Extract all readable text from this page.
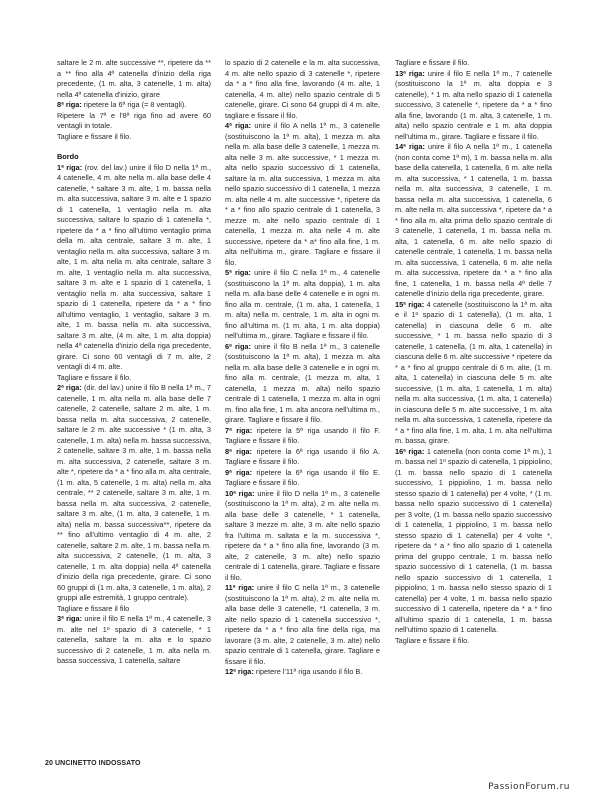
saltare le 2 m. alte successive **, ripetere da ** a ** fino alla 4ª catenella d'inizio della riga precedente, (1 m. alta, 3 catenelle, 1 m. alta) nella 4ª catenella d'inizio, girare

8ª riga: ripetere la 6ª riga (= 8 ventagli).

Ripetere la 7ª e l'8ª riga fino ad avere 60 ventagli in totale.

Tagliare e fissare il filo.

Bordo

1ª riga: (rov. del lav.) unire il filo D nella 1ª m., 4 catenelle, 4 m. alte nella m. alla base delle 4 catenelle, * saltare 3 m. alte, 1 m. bassa nella m. alta successiva, saltare 3 m. alte e 1 spazio di 1 catenella, 1 ventaglio nella m. alta successiva, saltare lo spazio di 1 catenella *, ripetere da * a * fino all'ultimo ventaglio prima della m. alta centrale, saltare 3 m. alte, 1 ventaglio nella m. alta successiva, saltare 3 m. alte, 1 m. alta nella m. alta centrale, saltare 3 m. alte, 1 ventaglio nella m. alta successiva, saltare 3 m. alte e 1 spazio di 1 catenella, 1 ventaglio nella m. alta successiva, saltare 1 spazio di 1 catenella, ripetere da * a * fino all'ultimo ventaglio, 1 ventaglio, saltare 3 m. alte, 1 m. bassa nella m. alta successiva, saltare 3 m. alte, (4 m. alte, 1 m. alta doppia) nella 4ª catenella d'inizio della riga precedente, girare. Ci sono 60 ventagli di 7 m. alte, 2 ventagli di 4 m. alte.

Tagliare e fissare il filo.

2ª riga: (dir. del lav.) unire il filo B nella 1ª m., 7 catenelle, 1 m. alta nella m. alla base delle 7 catenelle, 2 catenelle, saltare 2 m. alte, 1 m. bassa nella m. alta successiva, 2 catenelle, saltare le 2 m. alte successive * (1 m. alta, 3 catenelle, 1 m. alta) nella m. bassa successiva, 2 catenelle, saltare 3 m. alte, 1 m. bassa nella m. alta successiva, 2 catenelle, saltare 3 m. alte *, ripetere da * a * fino alla m. alta centrale, (1 m. alta, 5 catenelle, 1 m. alta) nella m. alta centrale, ** 2 catenelle, saltare 3 m. alte, 1 m. bassa nella m. alta successiva, 2 catenelle, saltare 3 m. alte, (1 m. alta, 3 catenelle, 1 m. alta) nella m. bassa successiva**, ripetere da ** fino all'ultimo ventaglio di 4 m. alte, 2 catenelle, saltare 2 m. alte, 1 m. bassa nella m. alta successiva, 2 catenelle, (1 m. alta, 3 catenelle, 1 m. alta doppia) nella 4ª catenella d'inizio della riga precedente, girare. Ci sono 60 gruppi di (1 m. alta, 3 catenelle, 1 m. alta), 2 gruppi alle estremità, 1 gruppo centrale).

Tagliare e fissare il filo

3ª riga: unire il filo E nella 1ª m., 4 catenelle, 3 m. alte nel 1º spazio di 3 catenelle, * 1 catenella, saltare la m. alta e lo spazio successivo di 2 catenelle, 1 m. alta nella m. bassa successiva, 1 catenella, saltare

lo spazio di 2 catenelle e la m. alta successiva, 4 m. alte nello spazio di 3 catenelle *, ripetere da * a * fino alla fine, lavorando (4 m. alte, 1 catenella, 4 m. alte) nello spazio centrale di 5 catenelle, girare. Ci sono 64 gruppi di 4 m. alte, tagliare e fissare il filo.

4ª riga: unire il filo A nella 1ª m., 3 catenelle (sostituiscono la 1ª m. alta), 1 mezza m. alta nella m. alla base delle 3 catenelle, 1 mezza m. alta nelle 3 m. alte successive, * 1 mezza m. alta nello spazio successivo di 1 catenella, saltare la m. alta successiva, 1 mezza m. alta nello spazio successivo di 1 catenella, 1 mezza m. alta nelle 4 m. alte successive *, ripetere da * a * fino allo spazio centrale di 1 catenella, 3 mezze m. alte nello spazio centrale di 1 catenella, 1 mezza m. alta nelle 4 m. alte successive, ripetere da * a* fino alla fine, 1 m. alta nell'ultima m., girare. Tagliare e fissare il filo.

5ª riga: unire il filo C nella 1ª m., 4 catenelle (sostituiscono la 1ª m. alta doppia), 1 m. alta nella m. alla base delle 4 catenelle e in ogni m. fino alla m. centrale, (1 m. alta, 1 catenella, 1 m. alta) nella m. centrale, 1 m. alta in ogni m. fino all'ultima m. (1 m. alta, 1 m. alta doppia) nell'ultima m., girare. Tagliare e fissare il filo.

6ª riga: unire il filo B nella 1ª m., 3 catenelle (sostituiscono la 1ª m. alta), 1 mezza m. alta nella m. alla base delle 3 catenelle e in ogni m. fino alla m. centrale, (1 mezza m. alta, 1 catenella, 1 mezza m. alta) nello spazio centrale di 1 catenella, 1 mezza m. alta in ogni m. fino alla fine, 1 m. alta ancora nell'ultima m., girare. Tagliare e fissare il filo.

7ª riga: ripetere la 5ª riga usando il filo F. Tagliare e fissare il filo.

8ª riga: ripetere la 6ª riga usando il filo A. Tagliare e fissare il filo.

9ª riga: ripetere la 6ª riga usando il filo E. Tagliare e fissare il filo.

10ª riga: unire il filo D nella 1ª m., 3 catenelle (sostituiscono la 1ª m. alta), 2 m. alte nella m. alla base delle 3 catenelle, * 1 catenella, saltare 3 mezze m. alte, 3 m. alte nello spazio fra l'ultima m. saltata e la m. successiva *, ripetere da * a * fino alla fine, lavorando (3 m. alte, 2 catenelle, 3 m. alte) nello spazio centrale di 1 catenella, girare. Tagliare e fissare il filo.

11ª riga: unire il filo C nella 1ª m., 3 catenelle (sostituiscono la 1ª m. alta), 2 m. alte nella m. alla base delle 3 catenelle, *1 catenella, 3 m. alte nello spazio di 1 catenella successivo *, ripetere da * a * fino alla fine della riga, ma lavorare (3 m. alte, 2 catenelle, 3 m. alte) nello spazio centrale di 1 catenella, girare. Tagliare e fissare il filo.

12ª riga: ripetere l'11ª riga usando il filo B.

Tagliare e fissare il filo.

13ª riga: unire il filo E nella 1ª m., 7 catenelle (sostituiscono la 1ª m. alta doppia e 3 catenelle), * 1 m. alta nello spazio di 1 catenella successivo, 3 catenelle *, ripetere da * a * fino alla fine, lavorando (1 m. alta, 3 catenelle, 1 m. alta) nello spazio centrale e 1 m. alta doppia nell'ultima m., girare. Tagliare e fissare il filo.

14ª riga: unire il filo A nella 1ª m., 1 catenella (non conta come 1ª m), 1 m. bassa nella m. alla base della catenella, 1 catenella, 6 m. alte nella m. alta successiva, * 1 catenella, 1 m. bassa nella m. alta successiva, 3 catenelle, 1 m. bassa nella m. alta successiva, 1 catenella, 6 m. alte nella m. alta successiva *, ripetere da * a * fino alla m. alta prima dello spazio centrale di 3 catenelle, 1 catenella, 1 m. bassa nella m. alta, 1 catenella, 6 m. alte nello spazio di catenelle centrale, 1 catenella, 1 m. bassa nella m. alta successiva, 1 catenella, 6 m. alte nella m. alta successiva, ripetere da * a * fino alla fine, 1 catenella, 1 m. bassa nella 4ª delle 7 catenelle d'inizio della riga precedente, girare.

15ª riga: 4 catenelle (sostituiscono la 1ª m. alta e il 1º spazio di 1 catenella), (1 m. alta, 1 catenella) in ciascuna delle 6 m. alte successive, * 1 m. bassa nello spazio di 3 catenelle, 1 catenella, (1 m. alta, 1 catenella) in ciascuna delle 6 m. alte successive * ripetere da * a * fino al gruppo centrale di 6 m. alte, (1 m. alta, 1 catenella) in ciascuna delle 5 m. alte successive, (1 m. alta, 1 catenella, 1 m. alta) nella m. alta successiva, (1 m. alta, 1 catenella) in ciascuna delle 5 m. alte successive, 1 m. alta nella m. alta successiva, 1 catenella, ripetere da * a * fino alla fine, 1 m. alta, 1 m. alta nell'ultima m. bassa, girare.

16ª riga: 1 catenella (non conta come 1ª m.), 1 m. bassa nel 1º spazio di catenella, 1 pippiolino, (1 m. bassa nello spazio di 1 catenella successivo, 1 pippiolino, 1 m. bassa nello stesso spazio di 1 catenella) per 4 volte, * (1 m. bassa nello spazio successivo di 1 catenella) per 3 volte, (1 m. bassa nello spazio successivo di 1 catenella, 1 pippiolino, 1 m. bassa nello stesso spazio di 1 catenella) per 4 volte *, ripetere da * a * fino allo spazio di 1 catenella prima del gruppo centrale, 1 m. bassa nello spazio successivo di 1 catenella, (1 m. bassa nello spazio successivo di 1 catenella, 1 pippiolino, 1 m. bassa nello stesso spazio di 1 catenella) per 4 volte, 1 m. bassa nello spazio successivo di 1 catenella, ripetere da * a * fino all'ultimo spazio di 1 catenella, 1 m. bassa nell'ultimo spazio di 1 catenella.

Tagliare e fissare il filo.

20 UNCINETTO INDOSSATO
PassionForum.ru
